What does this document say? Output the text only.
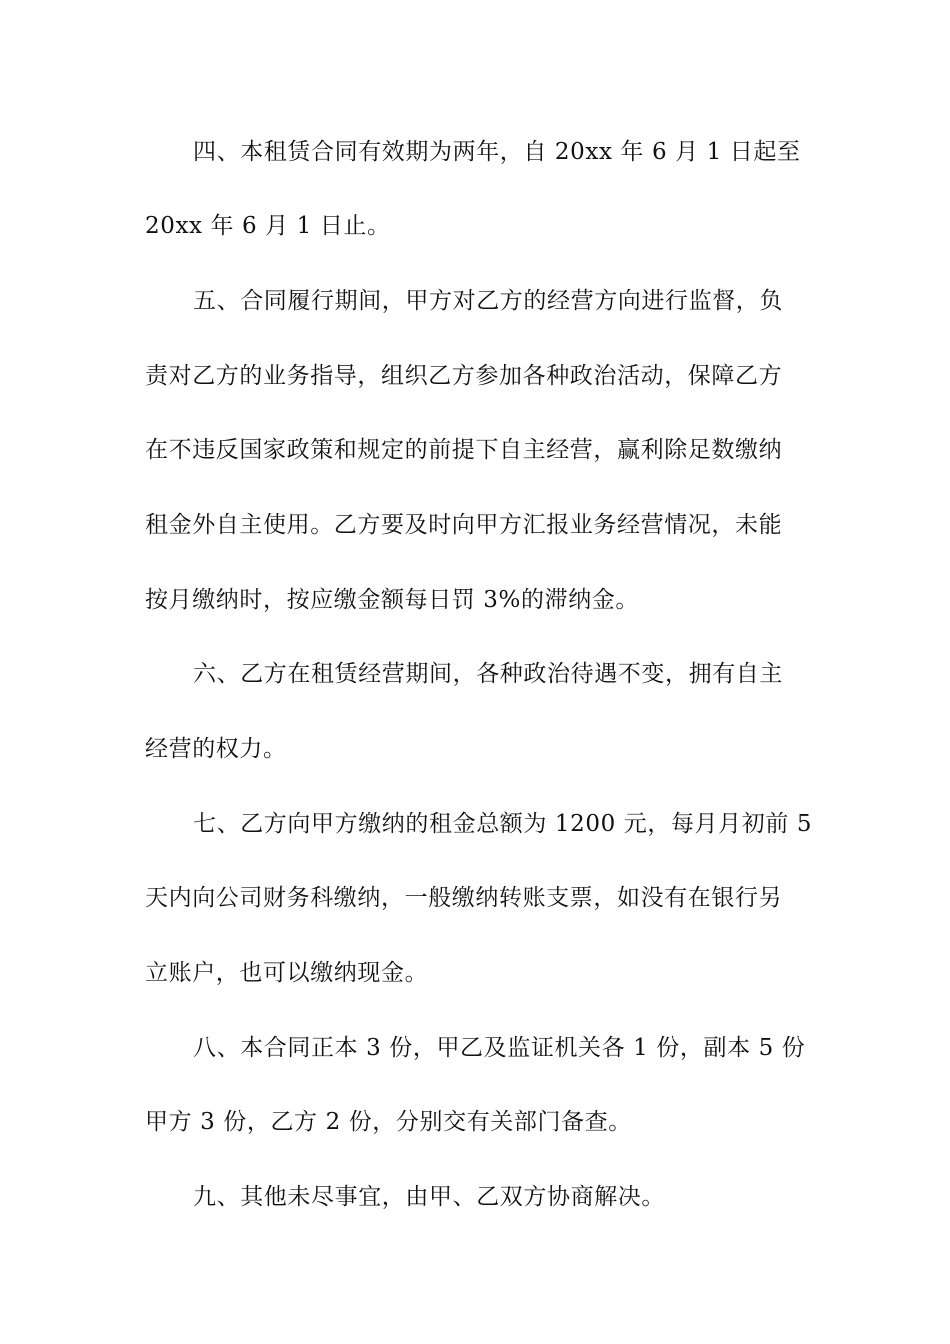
四、本租赁合同有效期为两年，自 20xx 年 6 月 1 日起至
20xx 年 6 月 1 日止。
五、合同履行期间，甲方对乙方的经营方向进行监督，负
责对乙方的业务指导，组织乙方参加各种政治活动，保障乙方
在不违反国家政策和规定的前提下自主经营，赢利除足数缴纳
租金外自主使用。乙方要及时向甲方汇报业务经营情况，未能
按月缴纳时，按应缴金额每日罚 3%的滞纳金。
六、乙方在租赁经营期间，各种政治待遇不变，拥有自主
经营的权力。
七、乙方向甲方缴纳的租金总额为 1200 元，每月月初前 5
天内向公司财务科缴纳，一般缴纳转账支票，如没有在银行另
立账户，也可以缴纳现金。
八、本合同正本 3 份，甲乙及监证机关各 1 份，副本 5 份
甲方 3 份，乙方 2 份，分别交有关部门备查。
九、其他未尽事宜，由甲、乙双方协商解决。
